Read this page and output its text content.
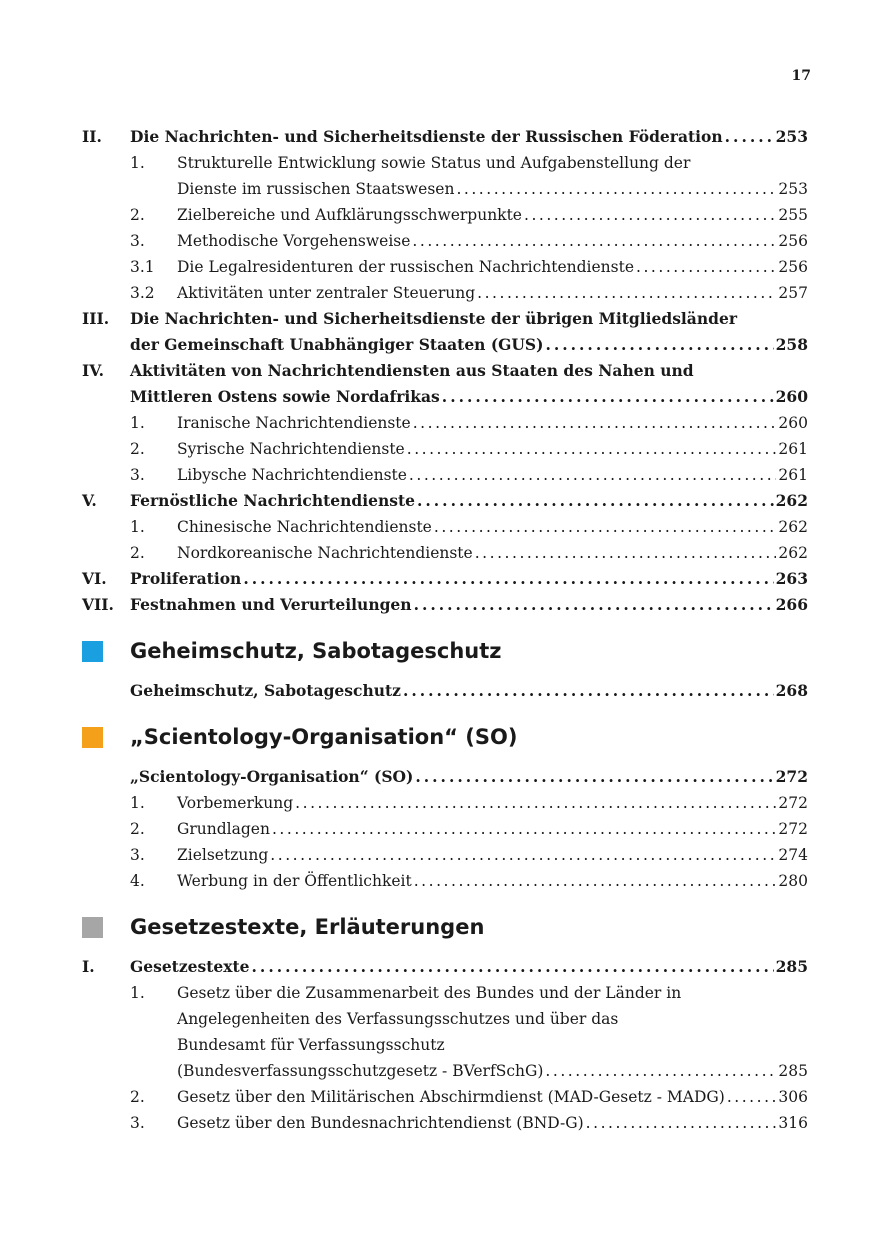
17
II.	Die Nachrichten- und Sicherheitsdienste der Russischen Föderation . . .	253
1.	Strukturelle Entwicklung sowie Status und Aufgabenstellung der
Dienste im russischen Staatswesen . . .	253
2.	Zielbereiche und Aufklärungsschwerpunkte . . .	255
3.	Methodische Vorgehensweise . . .	256
3.1	Die Legalresidenturen der russischen Nachrichtendienste . . .	256
3.2	Aktivitäten unter zentraler Steuerung . . .	257
III.	Die Nachrichten- und Sicherheitsdienste der übrigen Mitgliedsländer
der Gemeinschaft Unabhängiger Staaten (GUS) . . .	258
IV.	Aktivitäten von Nachrichtendiensten aus Staaten des Nahen und
Mittleren Ostens sowie Nordafrikas . . .	260
1.	Iranische Nachrichtendienste . . .	260
2.	Syrische Nachrichtendienste . . .	261
3.	Libysche Nachrichtendienste . . .	261
V.	Fernöstliche Nachrichtendienste . . .	262
1.	Chinesische Nachrichtendienste . . .	262
2.	Nordkoreanische Nachrichtendienste . . .	262
VI.	Proliferation . . .	263
VII.	Festnahmen und Verurteilungen . . .	266
Geheimschutz, Sabotageschutz
Geheimschutz, Sabotageschutz . . .	268
„Scientology-Organisation“ (SO)
„Scientology-Organisation“ (SO) . . .	272
1.	Vorbemerkung . . .	272
2.	Grundlagen . . .	272
3.	Zielsetzung . . .	274
4.	Werbung in der Öffentlichkeit . . .	280
Gesetzestexte, Erläuterungen
I.	Gesetzestexte . . .	285
1.	Gesetz über die Zusammenarbeit des Bundes und der Länder in
Angelegenheiten des Verfassungsschutzes und über das
Bundesamt für Verfassungsschutz
(Bundesverfassungsschutzgesetz - BVerfSchG) . . .	285
2.	Gesetz über den Militärischen Abschirmdienst (MAD-Gesetz - MADG) . . .	306
3.	Gesetz über den Bundesnachrichtendienst (BND-G) . . .	316
